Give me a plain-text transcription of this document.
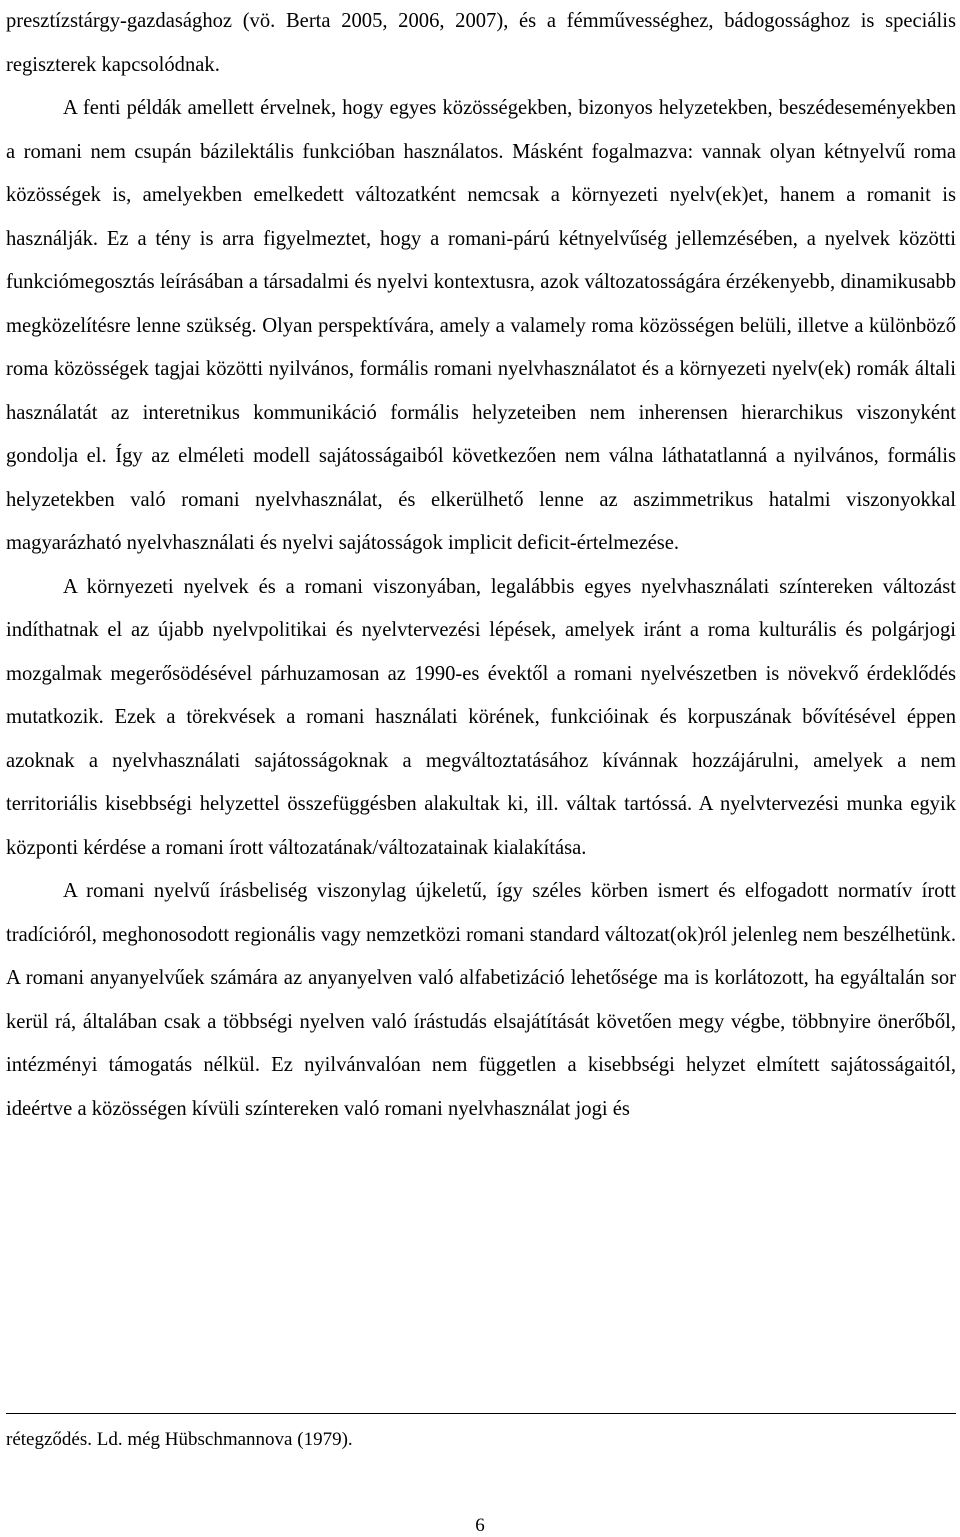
presztízstárgy-gazdasághoz (vö. Berta 2005, 2006, 2007), és a fémművességhez, bádogossághoz is speciális regiszterek kapcsolódnak.

A fenti példák amellett érvelnek, hogy egyes közösségekben, bizonyos helyzetekben, beszédeseményekben a romani nem csupán bázilektális funkcióban használatos. Másként fogalmazva: vannak olyan kétnyelvű roma közösségek is, amelyekben emelkedett változatként nemcsak a környezeti nyelv(ek)et, hanem a romanit is használják. Ez a tény is arra figyelmeztet, hogy a romani-párú kétnyelvűség jellemzésében, a nyelvek közötti funkciómegosztás leírásában a társadalmi és nyelvi kontextusra, azok változatosságára érzékenyebb, dinamikusabb megközelítésre lenne szükség. Olyan perspektívára, amely a valamely roma közösségen belüli, illetve a különböző roma közösségek tagjai közötti nyilvános, formális romani nyelvhasználatot és a környezeti nyelv(ek) romák általi használatát az interetnikus kommunikáció formális helyzeteiben nem inherensen hierarchikus viszonyként gondolja el. Így az elméleti modell sajátosságaiból következően nem válna láthatatlanná a nyilvános, formális helyzetekben való romani nyelvhasználat, és elkerülhető lenne az aszimmetrikus hatalmi viszonyokkal magyarázható nyelvhasználati és nyelvi sajátosságok implicit deficit-értelmezése.

A környezeti nyelvek és a romani viszonyában, legalábbis egyes nyelvhasználati színtereken változást indíthatnak el az újabb nyelvpolitikai és nyelvtervezési lépések, amelyek iránt a roma kulturális és polgárjogi mozgalmak megerősödésével párhuzamosan az 1990-es évektől a romani nyelvészetben is növekvő érdeklődés mutatkozik. Ezek a törekvések a romani használati körének, funkcióinak és korpuszának bővítésével éppen azoknak a nyelvhasználati sajátosságoknak a megváltoztatásához kívánnak hozzájárulni, amelyek a nem territoriális kisebbségi helyzettel összefüggésben alakultak ki, ill. váltak tartóssá. A nyelvtervezési munka egyik központi kérdése a romani írott változatának/változatainak kialakítása.

A romani nyelvű írásbeliség viszonylag újkeletű, így széles körben ismert és elfogadott normatív írott tradícióról, meghonosodott regionális vagy nemzetközi romani standard változat(ok)ról jelenleg nem beszélhetünk. A romani anyanyelvűek számára az anyanyelven való alfabetizáció lehetősége ma is korlátozott, ha egyáltalán sor kerül rá, általában csak a többségi nyelven való írástudás elsajátítását követően megy végbe, többnyire önerőből, intézményi támogatás nélkül. Ez nyilvánvalóan nem független a kisebbségi helyzet elmített sajátosságaitól, ideértve a közösségen kívüli színtereken való romani nyelvhasználat jogi és

rétegződés. Ld. még Hübschmannova (1979).

6
